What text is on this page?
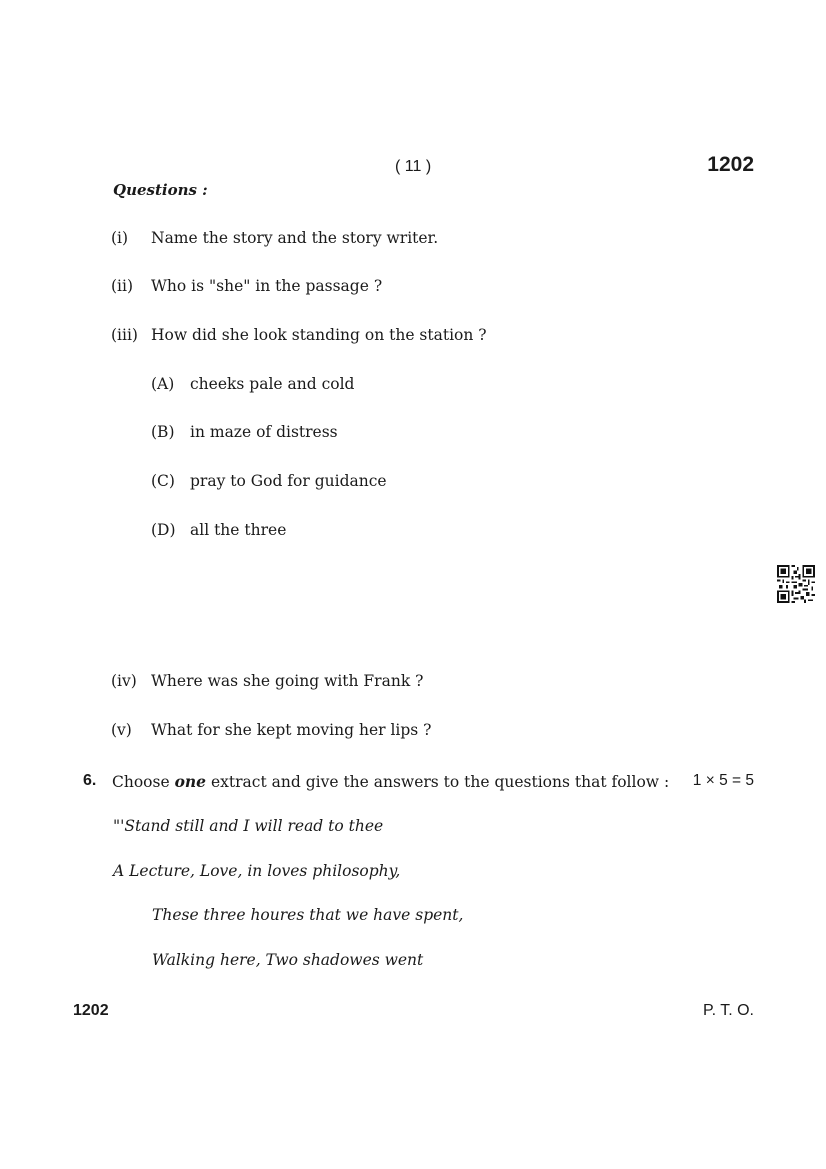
( 11 )	1202
Questions :
(i) Name the story and the story writer.
(ii) Who is "she" in the passage ?
(iii) How did she look standing on the station ?
(A) cheeks pale and cold
(B) in maze of distress
(C) pray to God for guidance
(D) all the three
(iv) Where was she going with Frank ?
(v) What for she kept moving her lips ?
6. Choose one extract and give the answers to the questions that follow : 1 × 5 = 5
"'Stand still and I will read to thee
A Lecture, Love, in loves philosophy,
These three houres that we have spent,
Walking here, Two shadowes went
1202	P. T. O.
